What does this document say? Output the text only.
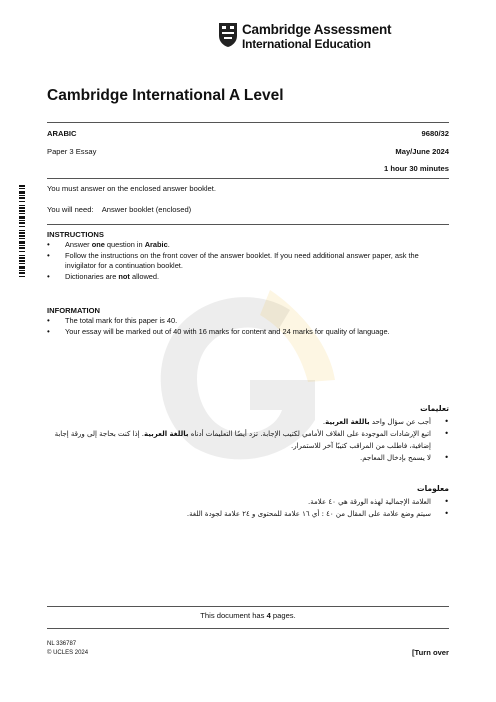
Cambridge Assessment
International Education
Cambridge International A Level
ARABIC	9680/32
Paper 3 Essay	May/June 2024
1 hour 30 minutes
You must answer on the enclosed answer booklet.
You will need: Answer booklet (enclosed)
INSTRUCTIONS
• Answer one question in Arabic.
• Follow the instructions on the front cover of the answer booklet. If you need additional answer paper, ask the invigilator for a continuation booklet.
• Dictionaries are not allowed.
INFORMATION
• The total mark for this paper is 40.
• Your essay will be marked out of 40 with 16 marks for content and 24 marks for quality of language.
تعليمات
• أجب عن سؤال واحد باللغة العربية.
• اتبع الإرشادات الموجودة على الغلاف الأمامي لكتيب الإجابة. تزد أيضًا التعليمات أدناه باللغة العربية. إذا كنت بحاجة إلى ورقة إجابة إضافية، فاطلب من المراقب كتيبًا آخر للاستمرار.
• لا يسمح بإدخال المعاجم.
معلومات
• العلامة الإجمالية لهذه الورقة هي ٤٠ علامة.
• سيتم وضع علامة على المقال من ٤٠ : أي ١٦ علامة للمحتوى و ٢٤ علامة لجودة اللغة.
This document has 4 pages.
NL 336787
© UCLES 2024	[Turn over
